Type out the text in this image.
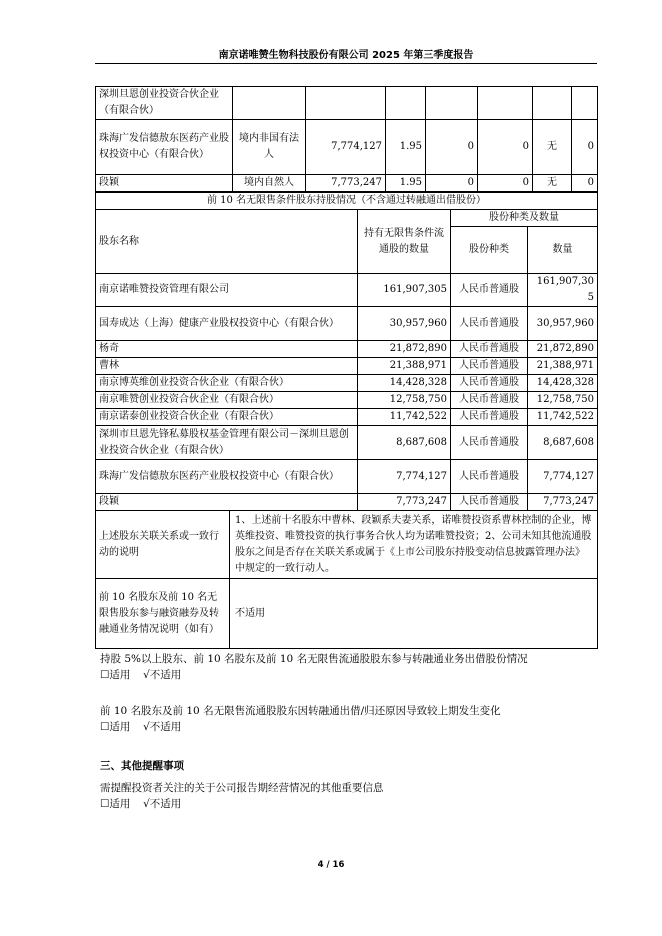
南京诺唯赞生物科技股份有限公司 2025 年第三季度报告
深圳旦恩创业投资合伙企业（有限合伙）							
珠海广发信德敖东医药产业股权投资中心（有限合伙）	境内非国有法人	7,774,127	1.95	0	0	无	0
段颖	境内自然人	7,773,247	1.95	0	0	无	0
前 10 名无限售条件股东持股情况（不含通过转融通出借股份）				
股东名称		持有无限售条件流通股的数量	股份种类及数量	
			股份种类	数量

南京诺唯赞投资管理有限公司		161,907,305	人民币普通股	161,907,305
国寿成达（上海）健康产业股权投资中心（有限合伙）		30,957,960	人民币普通股	30,957,960
杨奇		21,872,890	人民币普通股	21,872,890
曹林		21,388,971	人民币普通股	21,388,971
南京博英维创业投资合伙企业（有限合伙）		14,428,328	人民币普通股	14,428,328
南京唯赞创业投资合伙企业（有限合伙）		12,758,750	人民币普通股	12,758,750
南京诺泰创业投资合伙企业（有限合伙）		11,742,522	人民币普通股	11,742,522
深圳市旦恩先锋私募股权基金管理有限公司－深圳旦恩创业投资合伙企业（有限合伙）		8,687,608	人民币普通股	8,687,608
珠海广发信德敖东医药产业股权投资中心（有限合伙）		7,774,127	人民币普通股	7,774,127
段颖		7,773,247	人民币普通股	7,773,247
上述股东关联关系或一致行动的说明	1、上述前十名股东中曹林、段颖系夫妻关系，诺唯赞投资系曹林控制的企业，博英维投资、唯赞投资的执行事务合伙人均为诺唯赞投资；2、公司未知其他流通股股东之间是否存在关联关系或属于《上市公司股东持股变动信息披露管理办法》中规定的一致行动人。			
前 10 名股东及前 10 名无限售股东参与融资融券及转融通业务情况说明（如有）	不适用			
持股 5%以上股东、前 10 名股东及前 10 名无限售流通股股东参与转融通业务出借股份情况
☐适用 √不适用
前 10 名股东及前 10 名无限售流通股股东因转融通出借/归还原因导致较上期发生变化
☐适用 √不适用
三、其他提醒事项
需提醒投资者关注的关于公司报告期经营情况的其他重要信息
☐适用 √不适用
4 / 16
